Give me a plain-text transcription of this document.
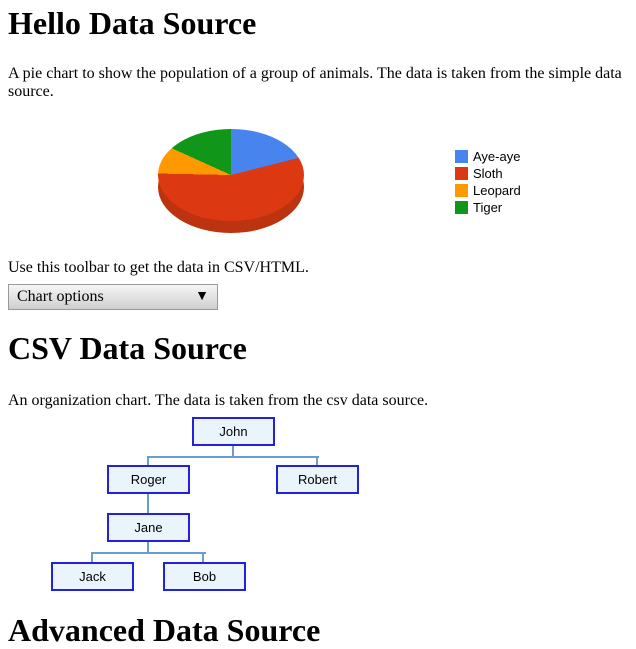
Hello Data Source

A pie chart to show the population of a group of animals. The data is taken from the simple data source.

Aye-aye
Sloth
Leopard
Tiger

Use this toolbar to get the data in CSV/HTML.

Chart options	▼
CSV Data Source

An organization chart. The data is taken from the csv data source.

John
Roger	Robert
Jane
Jack	Bob
Advanced Data Source
